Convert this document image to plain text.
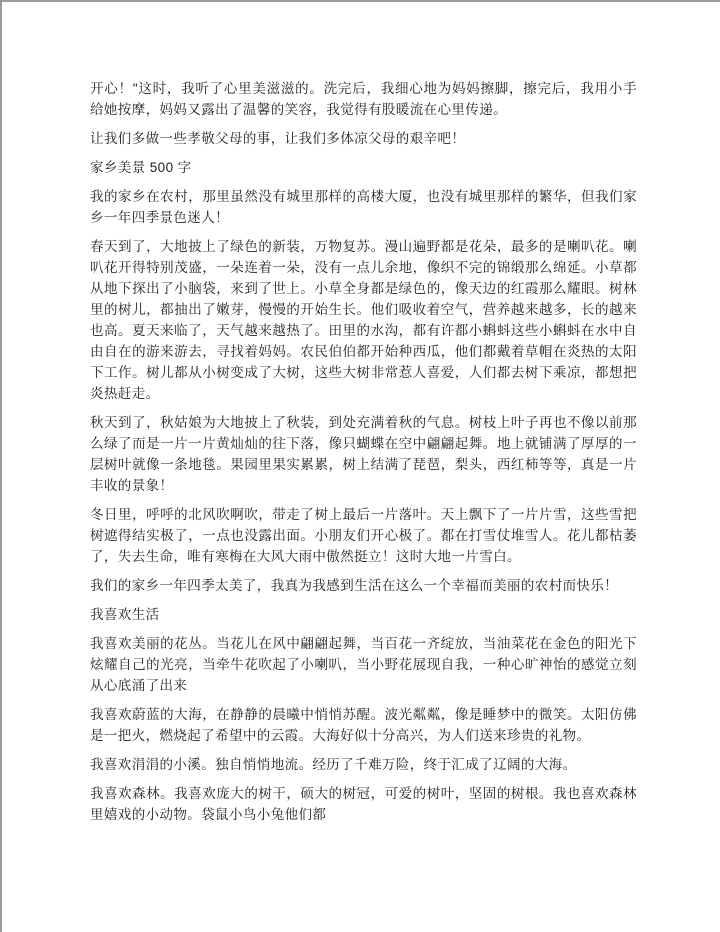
开心！"这时，我听了心里美滋滋的。洗完后，我细心地为妈妈擦脚，擦完后，我用小手给她按摩，妈妈又露出了温馨的笑容，我觉得有股暖流在心里传递。

让我们多做一些孝敬父母的事，让我们多体凉父母的艰辛吧！

家乡美景 500 字

我的家乡在农村，那里虽然没有城里那样的高楼大厦，也没有城里那样的繁华，但我们家乡一年四季景色迷人！

春天到了，大地披上了绿色的新装，万物复苏。漫山遍野都是花朵，最多的是喇叭花。喇叭花开得特别茂盛，一朵连着一朵，没有一点儿余地，像织不完的锦缎那么绵延。小草都从地下探出了小脑袋，来到了世上。小草全身都是绿色的，像天边的红霞那么耀眼。树林里的树儿，都抽出了嫩芽，慢慢的开始生长。他们吸收着空气，营养越来越多，长的越来也高。夏天来临了，天气越来越热了。田里的水沟，都有许都小蝌蚪这些小蝌蚪在水中自由自在的游来游去，寻找着妈妈。农民伯伯都开始种西瓜，他们都戴着草帽在炎热的太阳下工作。树儿都从小树变成了大树，这些大树非常惹人喜爱，人们都去树下乘凉，都想把炎热赶走。

秋天到了，秋姑娘为大地披上了秋装，到处充满着秋的气息。树枝上叶子再也不像以前那么绿了而是一片一片黄灿灿的往下落，像只蝴蝶在空中翩翩起舞。地上就铺满了厚厚的一层树叶就像一条地毯。果园里果实累累，树上结满了琵琶，梨头，西红柿等等，真是一片丰收的景象！

冬日里，呼呼的北风吹啊吹，带走了树上最后一片落叶。天上飘下了一片片雪，这些雪把树遮得结实极了，一点也没露出面。小朋友们开心极了。都在打雪仗堆雪人。花儿都枯萎了，失去生命，唯有寒梅在大风大雨中傲然挺立！这时大地一片雪白。

我们的家乡一年四季太美了，我真为我感到生活在这么一个幸福而美丽的农村而快乐！

我喜欢生活

我喜欢美丽的花丛。当花儿在风中翩翩起舞，当百花一齐绽放，当油菜花在金色的阳光下炫耀自己的光亮，当牵牛花吹起了小喇叭，当小野花展现自我，一种心旷神怡的感觉立刻从心底涌了出来

我喜欢蔚蓝的大海，在静静的晨曦中悄悄苏醒。波光粼粼，像是睡梦中的微笑。太阳仿佛是一把火，燃烧起了希望中的云霞。大海好似十分高兴，为人们送来珍贵的礼物。

我喜欢涓涓的小溪。独自悄悄地流。经历了千难万险，终于汇成了辽阔的大海。

我喜欢森林。我喜欢庞大的树干，硕大的树冠，可爱的树叶，坚固的树根。我也喜欢森林里嬉戏的小动物。袋鼠小鸟小兔他们都
